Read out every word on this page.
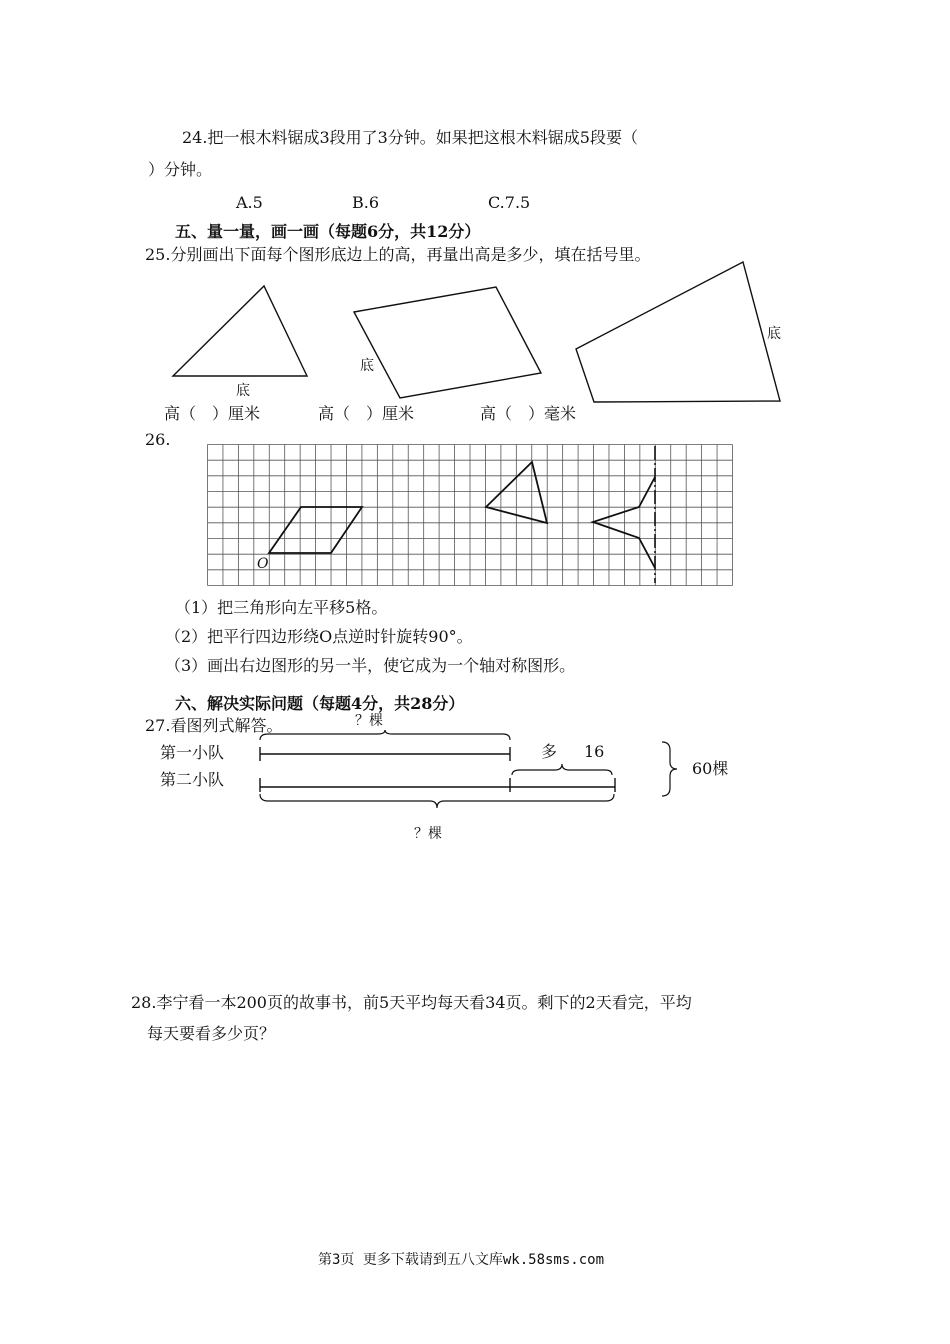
24.把一根木料锯成3段用了3分钟。如果把这根木料锯成5段要（
）分钟。
A.5	B.6	C.7.5
五、量一量，画一画（每题6分，共12分）
25.分别画出下面每个图形底边上的高，再量出高是多少，填在括号里。
底
底
底
高（　）厘米	高（　）厘米	高（　）毫米
26.
O
（1）把三角形向左平移5格。
（2）把平行四边形绕O点逆时针旋转90°。
（3）画出右边图形的另一半，使它成为一个轴对称图形。
六、解决实际问题（每题4分，共28分）
27.看图列式解答。	？棵
第一小队
第二小队
多 16
60棵
？棵
28.李宁看一本200页的故事书，前5天平均每天看34页。剩下的2天看完，平均
每天要看多少页？
第3页 更多下载请到五八文库wk.58sms.com
